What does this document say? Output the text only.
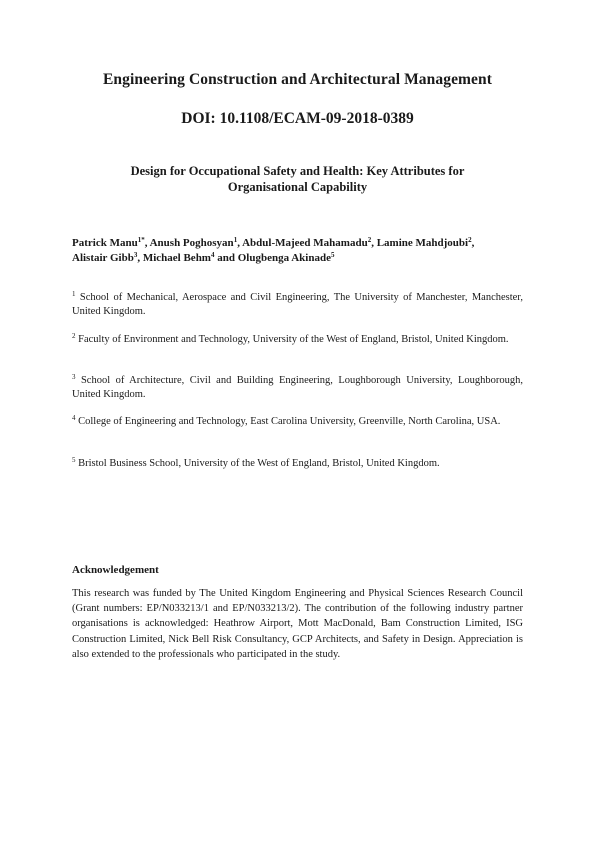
Engineering Construction and Architectural Management
DOI: 10.1108/ECAM-09-2018-0389
Design for Occupational Safety and Health: Key Attributes for Organisational Capability
Patrick Manu$^{1*}$, Anush Poghosyan$^1$, Abdul-Majeed Mahamadu$^2$, Lamine Mahdjoubi$^2$,
Alistair Gibb$^3$, Michael Behm$^4$ and Olugbenga Akinade$^5$
$^1$ School of Mechanical, Aerospace and Civil Engineering, The University of Manchester, Manchester, United Kingdom.
$^2$ Faculty of Environment and Technology, University of the West of England, Bristol, United Kingdom.
$^3$ School of Architecture, Civil and Building Engineering, Loughborough University, Loughborough, United Kingdom.
$^4$ College of Engineering and Technology, East Carolina University, Greenville, North Carolina, USA.
$^5$ Bristol Business School, University of the West of England, Bristol, United Kingdom.
Acknowledgement
This research was funded by The United Kingdom Engineering and Physical Sciences Research Council (Grant numbers: EP/N033213/1 and EP/N033213/2). The contribution of the following industry partner organisations is acknowledged: Heathrow Airport, Mott MacDonald, Bam Construction Limited, ISG Construction Limited, Nick Bell Risk Consultancy, GCP Architects, and Safety in Design. Appreciation is also extended to the professionals who participated in the study.
